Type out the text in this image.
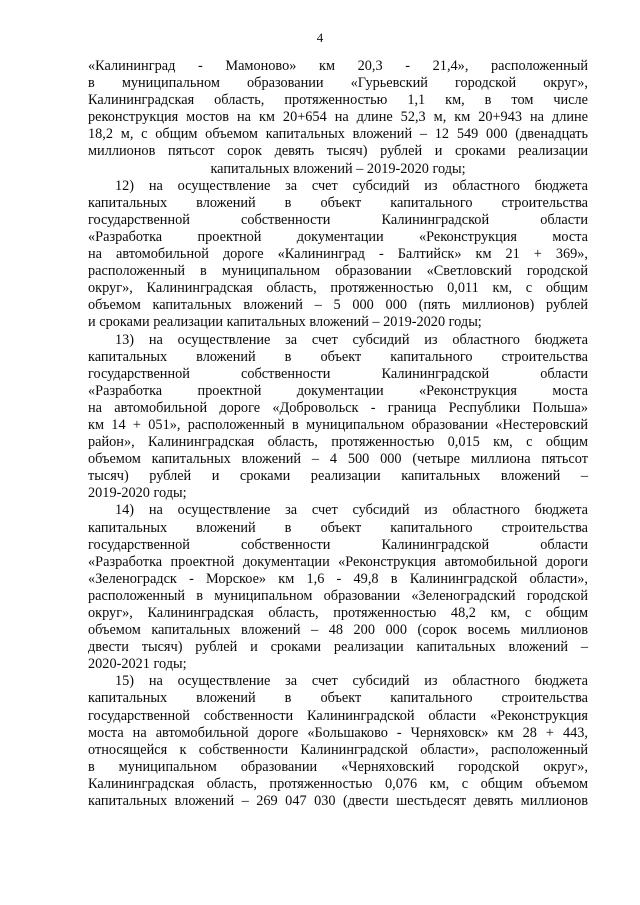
4
«Калининград - Мамоново» км 20,3 - 21,4», расположенный
в муниципальном образовании «Гурьевский городской округ»,
Калининградская область, протяженностью 1,1 км, в том числе
реконструкция мостов на км 20+654 на длине 52,3 м, км 20+943 на длине
18,2 м, с общим объемом капитальных вложений – 12 549 000 (двенадцать
миллионов пятьсот сорок девять тысяч) рублей и сроками реализации
капитальных вложений – 2019-2020 годы;
12) на осуществление за счет субсидий из областного бюджета
капитальных вложений в объект капитального строительства
государственной собственности Калининградской области
«Разработка проектной документации «Реконструкция моста
на автомобильной дороге «Калининград - Балтийск» км 21 + 369»,
расположенный в муниципальном образовании «Светловский городской
округ», Калининградская область, протяженностью 0,011 км, с общим
объемом капитальных вложений – 5 000 000 (пять миллионов) рублей
и сроками реализации капитальных вложений – 2019-2020 годы;
13) на осуществление за счет субсидий из областного бюджета
капитальных вложений в объект капитального строительства
государственной собственности Калининградской области
«Разработка проектной документации «Реконструкция моста
на автомобильной дороге «Добровольск - граница Республики Польша»
км 14 + 051», расположенный в муниципальном образовании «Нестеровский
район», Калининградская область, протяженностью 0,015 км, с общим
объемом капитальных вложений – 4 500 000 (четыре миллиона пятьсот
тысяч) рублей и сроками реализации капитальных вложений –
2019-2020 годы;
14) на осуществление за счет субсидий из областного бюджета
капитальных вложений в объект капитального строительства
государственной собственности Калининградской области
«Разработка проектной документации «Реконструкция автомобильной дороги
«Зеленоградск - Морское» км 1,6 - 49,8 в Калининградской области»,
расположенный в муниципальном образовании «Зеленоградский городской
округ», Калининградская область, протяженностью 48,2 км, с общим
объемом капитальных вложений – 48 200 000 (сорок восемь миллионов
двести тысяч) рублей и сроками реализации капитальных вложений –
2020-2021 годы;
15) на осуществление за счет субсидий из областного бюджета
капитальных вложений в объект капитального строительства
государственной собственности Калининградской области «Реконструкция
моста на автомобильной дороге «Большаково - Черняховск» км 28 + 443,
относящейся к собственности Калининградской области», расположенный
в муниципальном образовании «Черняховский городской округ»,
Калининградская область, протяженностью 0,076 км, с общим объемом
капитальных вложений – 269 047 030 (двести шестьдесят девять миллионов
